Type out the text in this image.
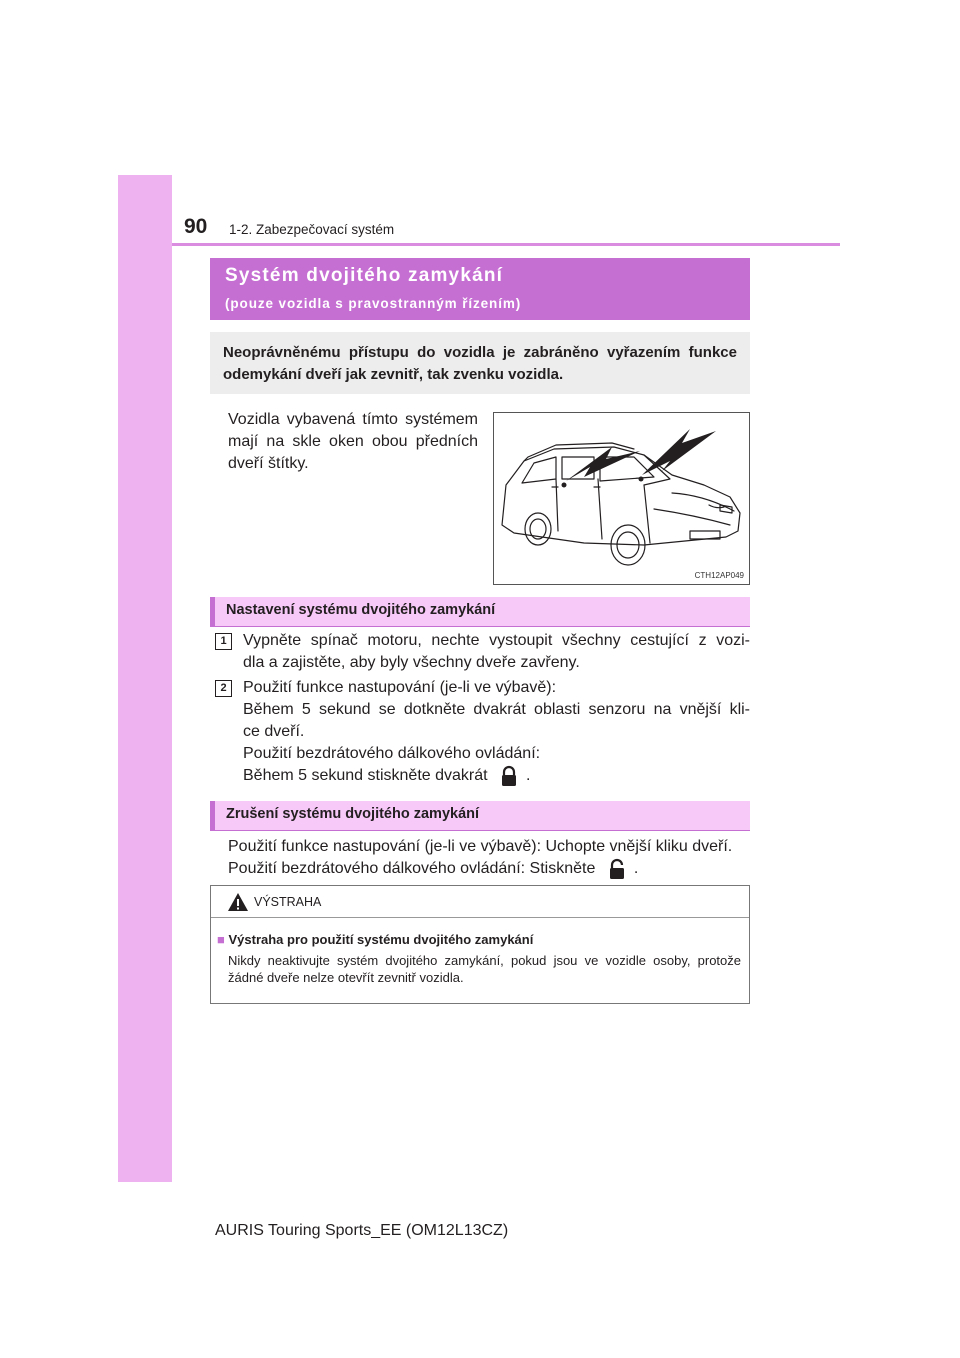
90 1-2. Zabezpečovací systém
Systém dvojitého zamykání
(pouze vozidla s pravostranným řízením)
Neoprávněnému přístupu do vozidla je zabráněno vyřazením funkce odemykání dveří jak zevnitř, tak zvenku vozidla.
Vozidla vybavená tímto systémem mají na skle oken obou předních dveří štítky.
CTH12AP049
Nastavení systému dvojitého zamykání
1	Vypněte spínač motoru, nechte vystoupit všechny cestující z vozi-
dla a zajistěte, aby byly všechny dveře zavřeny.
2	Použití funkce nastupování (je-li ve výbavě):
Během 5 sekund se dotkněte dvakrát oblasti senzoru na vnější kli-
ce dveří.
Použití bezdrátového dálkového ovládání:
Během 5 sekund stiskněte dvakrát .
Zrušení systému dvojitého zamykání
Použití funkce nastupování (je-li ve výbavě): Uchopte vnější kliku dveří.
Použití bezdrátového dálkového ovládání: Stiskněte .
VÝSTRAHA
■ Výstraha pro použití systému dvojitého zamykání
Nikdy neaktivujte systém dvojitého zamykání, pokud jsou ve vozidle osoby, protože žádné dveře nelze otevřít zevnitř vozidla.
AURIS Touring Sports_EE (OM12L13CZ)
